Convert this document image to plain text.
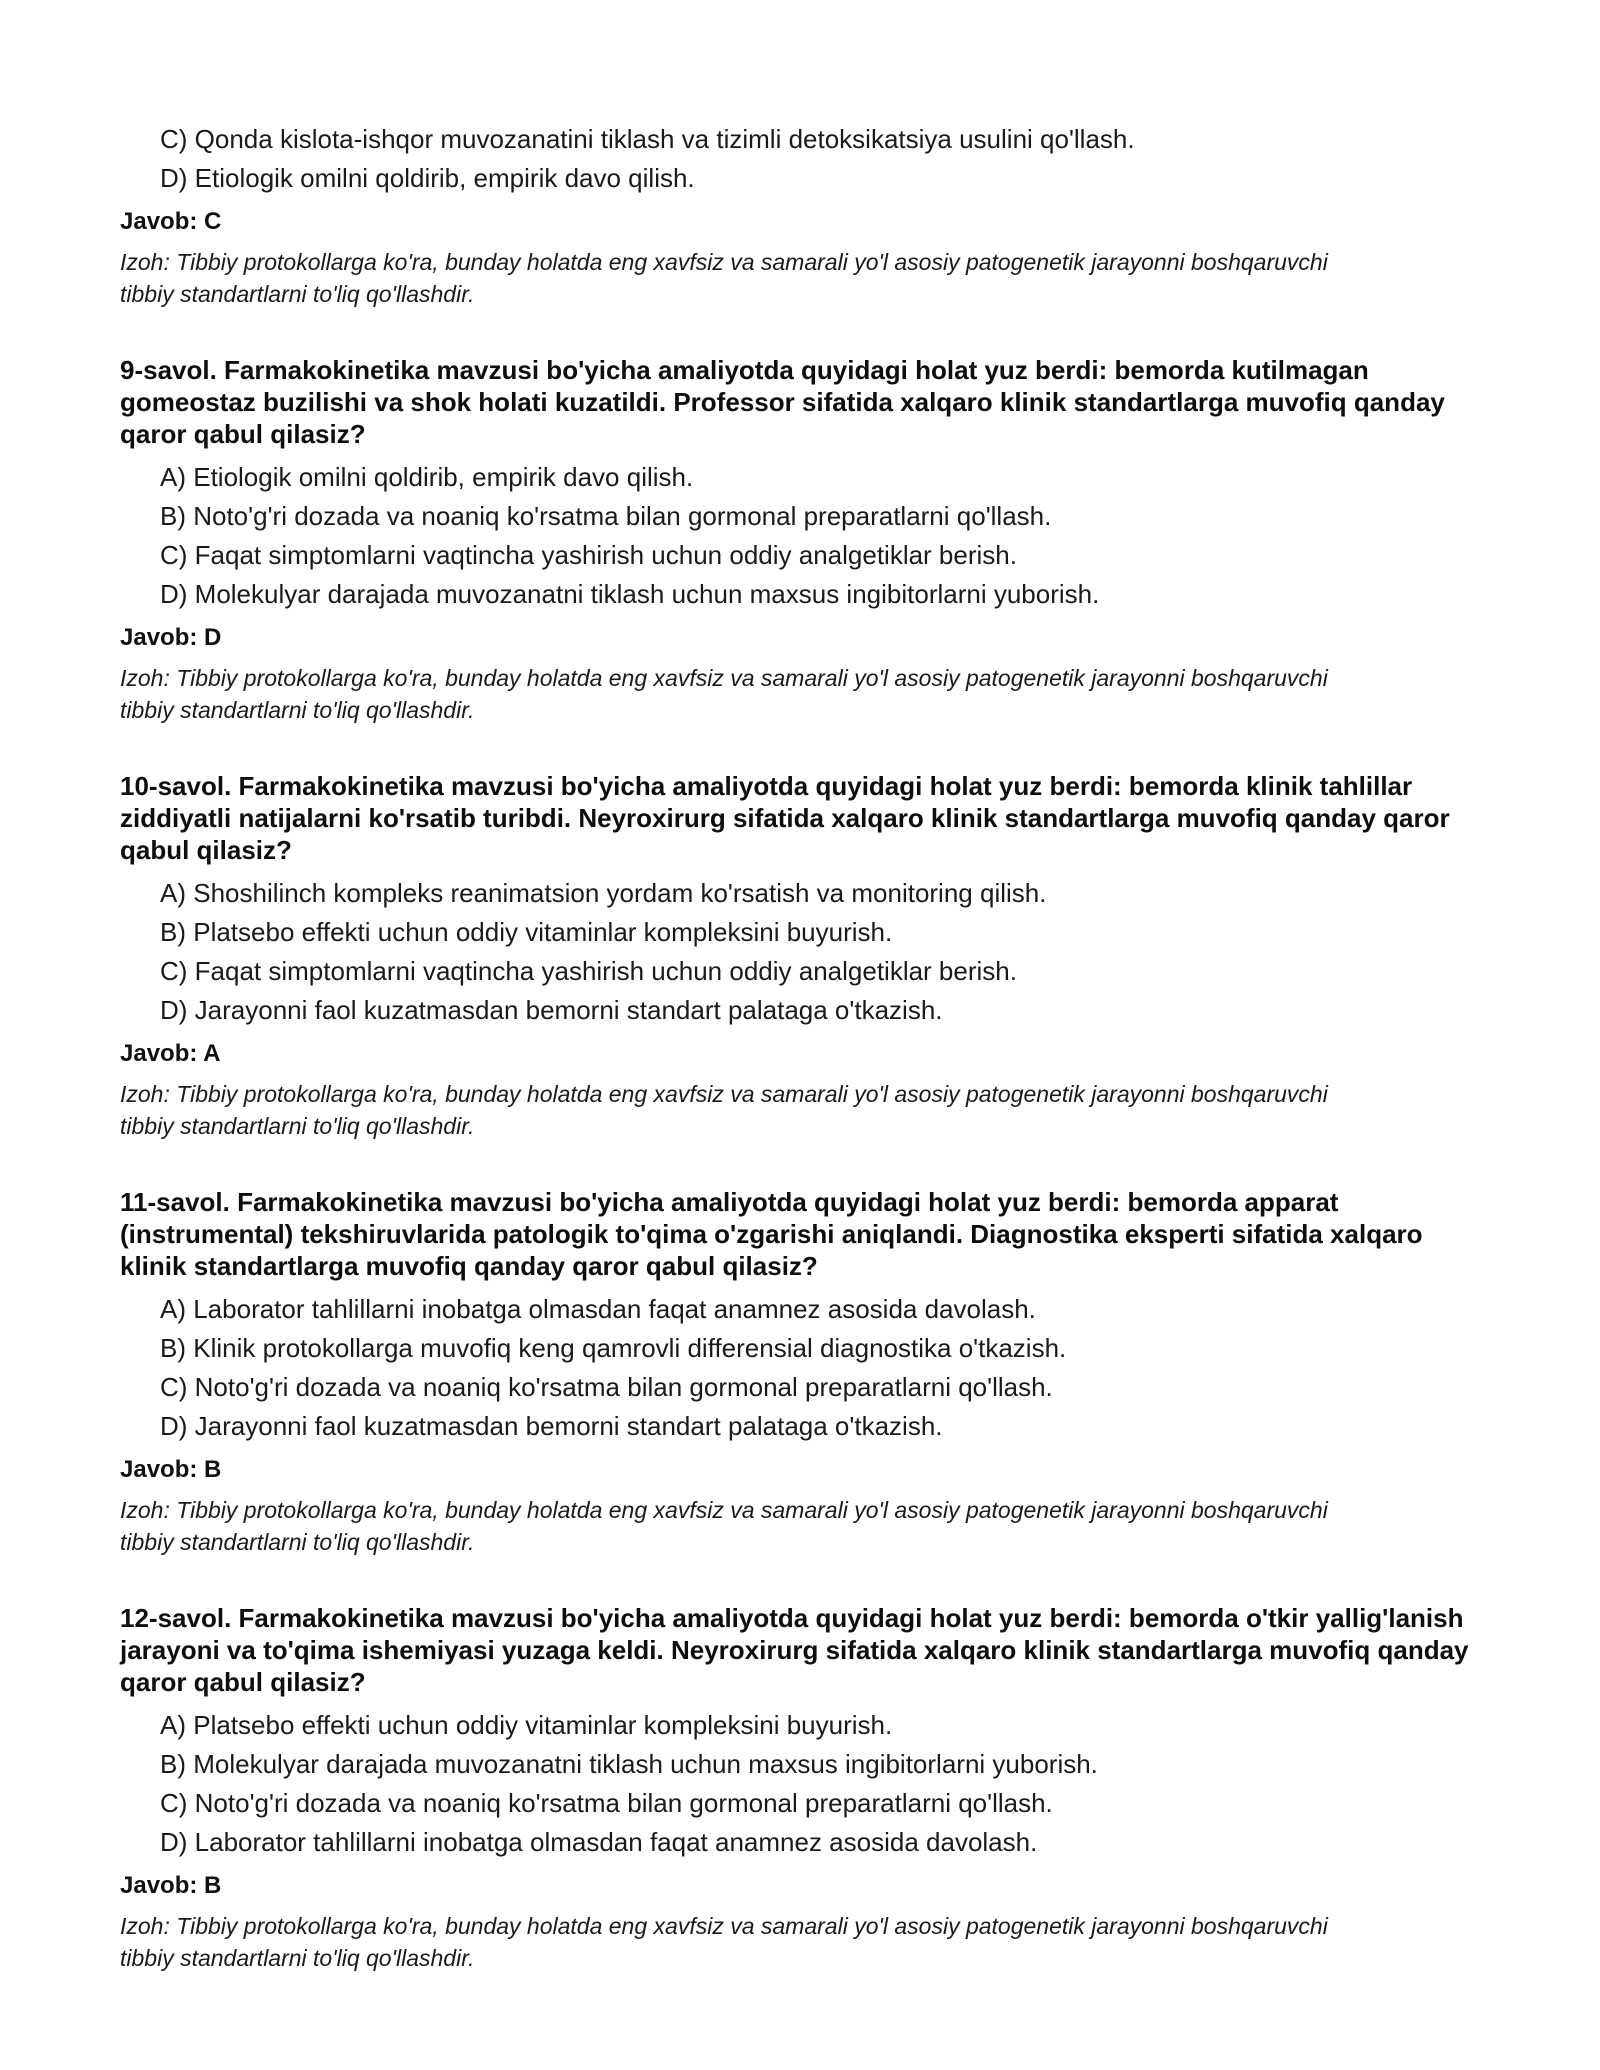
C) Qonda kislota-ishqor muvozanatini tiklash va tizimli detoksikatsiya usulini qo'llash.
D) Etiologik omilni qoldirib, empirik davo qilish.
Javob: C
Izoh: Tibbiy protokollarga ko'ra, bunday holatda eng xavfsiz va samarali yo'l asosiy patogenetik jarayonni boshqaruvchi tibbiy standartlarni to'liq qo'llashdir.
9-savol. Farmakokinetika mavzusi bo'yicha amaliyotda quyidagi holat yuz berdi: bemorda kutilmagan gomeostaz buzilishi va shok holati kuzatildi. Professor sifatida xalqaro klinik standartlarga muvofiq qanday qaror qabul qilasiz?
A) Etiologik omilni qoldirib, empirik davo qilish.
B) Noto'g'ri dozada va noaniq ko'rsatma bilan gormonal preparatlarni qo'llash.
C) Faqat simptomlarni vaqtincha yashirish uchun oddiy analgetiklar berish.
D) Molekulyar darajada muvozanatni tiklash uchun maxsus ingibitorlarni yuborish.
Javob: D
Izoh: Tibbiy protokollarga ko'ra, bunday holatda eng xavfsiz va samarali yo'l asosiy patogenetik jarayonni boshqaruvchi tibbiy standartlarni to'liq qo'llashdir.
10-savol. Farmakokinetika mavzusi bo'yicha amaliyotda quyidagi holat yuz berdi: bemorda klinik tahlillar ziddiyatli natijalarni ko'rsatib turibdi. Neyroxirurg sifatida xalqaro klinik standartlarga muvofiq qanday qaror qabul qilasiz?
A) Shoshilinch kompleks reanimatsion yordam ko'rsatish va monitoring qilish.
B) Platsebo effekti uchun oddiy vitaminlar kompleksini buyurish.
C) Faqat simptomlarni vaqtincha yashirish uchun oddiy analgetiklar berish.
D) Jarayonni faol kuzatmasdan bemorni standart palataga o'tkazish.
Javob: A
Izoh: Tibbiy protokollarga ko'ra, bunday holatda eng xavfsiz va samarali yo'l asosiy patogenetik jarayonni boshqaruvchi tibbiy standartlarni to'liq qo'llashdir.
11-savol. Farmakokinetika mavzusi bo'yicha amaliyotda quyidagi holat yuz berdi: bemorda apparat (instrumental) tekshiruvlarida patologik to'qima o'zgarishi aniqlandi. Diagnostika eksperti sifatida xalqaro klinik standartlarga muvofiq qanday qaror qabul qilasiz?
A) Laborator tahlillarni inobatga olmasdan faqat anamnez asosida davolash.
B) Klinik protokollarga muvofiq keng qamrovli differensial diagnostika o'tkazish.
C) Noto'g'ri dozada va noaniq ko'rsatma bilan gormonal preparatlarni qo'llash.
D) Jarayonni faol kuzatmasdan bemorni standart palataga o'tkazish.
Javob: B
Izoh: Tibbiy protokollarga ko'ra, bunday holatda eng xavfsiz va samarali yo'l asosiy patogenetik jarayonni boshqaruvchi tibbiy standartlarni to'liq qo'llashdir.
12-savol. Farmakokinetika mavzusi bo'yicha amaliyotda quyidagi holat yuz berdi: bemorda o'tkir yallig'lanish jarayoni va to'qima ishemiyasi yuzaga keldi. Neyroxirurg sifatida xalqaro klinik standartlarga muvofiq qanday qaror qabul qilasiz?
A) Platsebo effekti uchun oddiy vitaminlar kompleksini buyurish.
B) Molekulyar darajada muvozanatni tiklash uchun maxsus ingibitorlarni yuborish.
C) Noto'g'ri dozada va noaniq ko'rsatma bilan gormonal preparatlarni qo'llash.
D) Laborator tahlillarni inobatga olmasdan faqat anamnez asosida davolash.
Javob: B
Izoh: Tibbiy protokollarga ko'ra, bunday holatda eng xavfsiz va samarali yo'l asosiy patogenetik jarayonni boshqaruvchi tibbiy standartlarni to'liq qo'llashdir.
